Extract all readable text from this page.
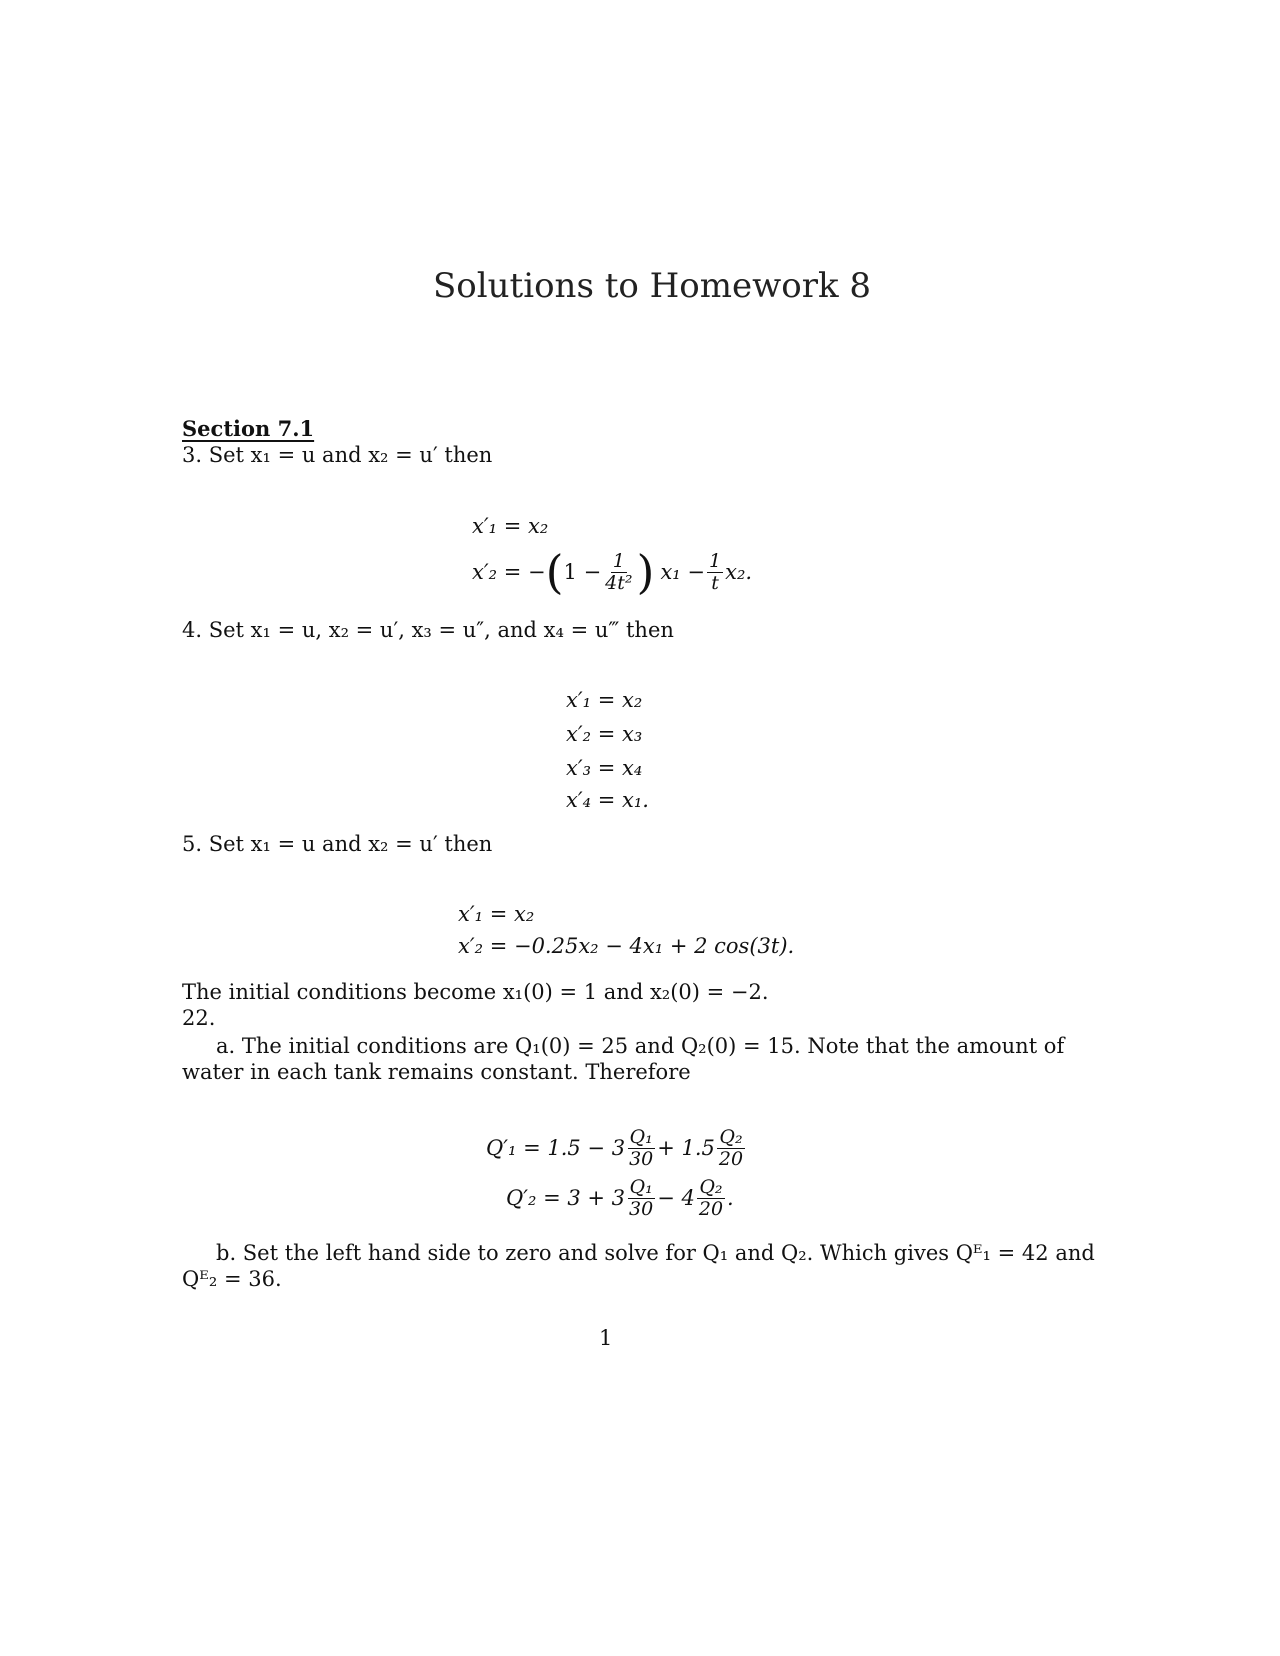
Solutions to Homework 8
Section 7.1
3. Set x₁ = u and x₂ = u′ then
x′₁ = x₂
x′₂ = − ( $1 - \frac{1}{\text{4t²}}$ ) $x_1 - \frac{1}{t} x_2$.
4. Set x₁ = u, x₂ = u′, x₃ = u″, and x₄ = u‴ then
x′₁ = x₂
x′₂ = x₃
x′₃ = x₄
x′₄ = x₁.
5. Set x₁ = u and x₂ = u′ then
x′₁ = x₂
x′₂ = −0.25x₂ − 4x₁ + 2 cos(3t).
The initial conditions become x₁(0) = 1 and x₂(0) = −2.
22.
a. The initial conditions are Q₁(0) = 25 and Q₂(0) = 15. Note that the amount of
water in each tank remains constant. Therefore
$Q'_1 = 1.5 - 3 \frac{\text{Q₁}}{30} + 1.5 \frac{\text{Q₂}}{20}$
$Q'_2 = 3 + 3 \frac{\text{Q₁}}{30} - 4 \frac{\text{Q₂}}{20}$ .
b. Set the left hand side to zero and solve for Q₁ and Q₂. Which gives Qᴱ₁ = 42 and
Qᴱ₂ = 36.
1
